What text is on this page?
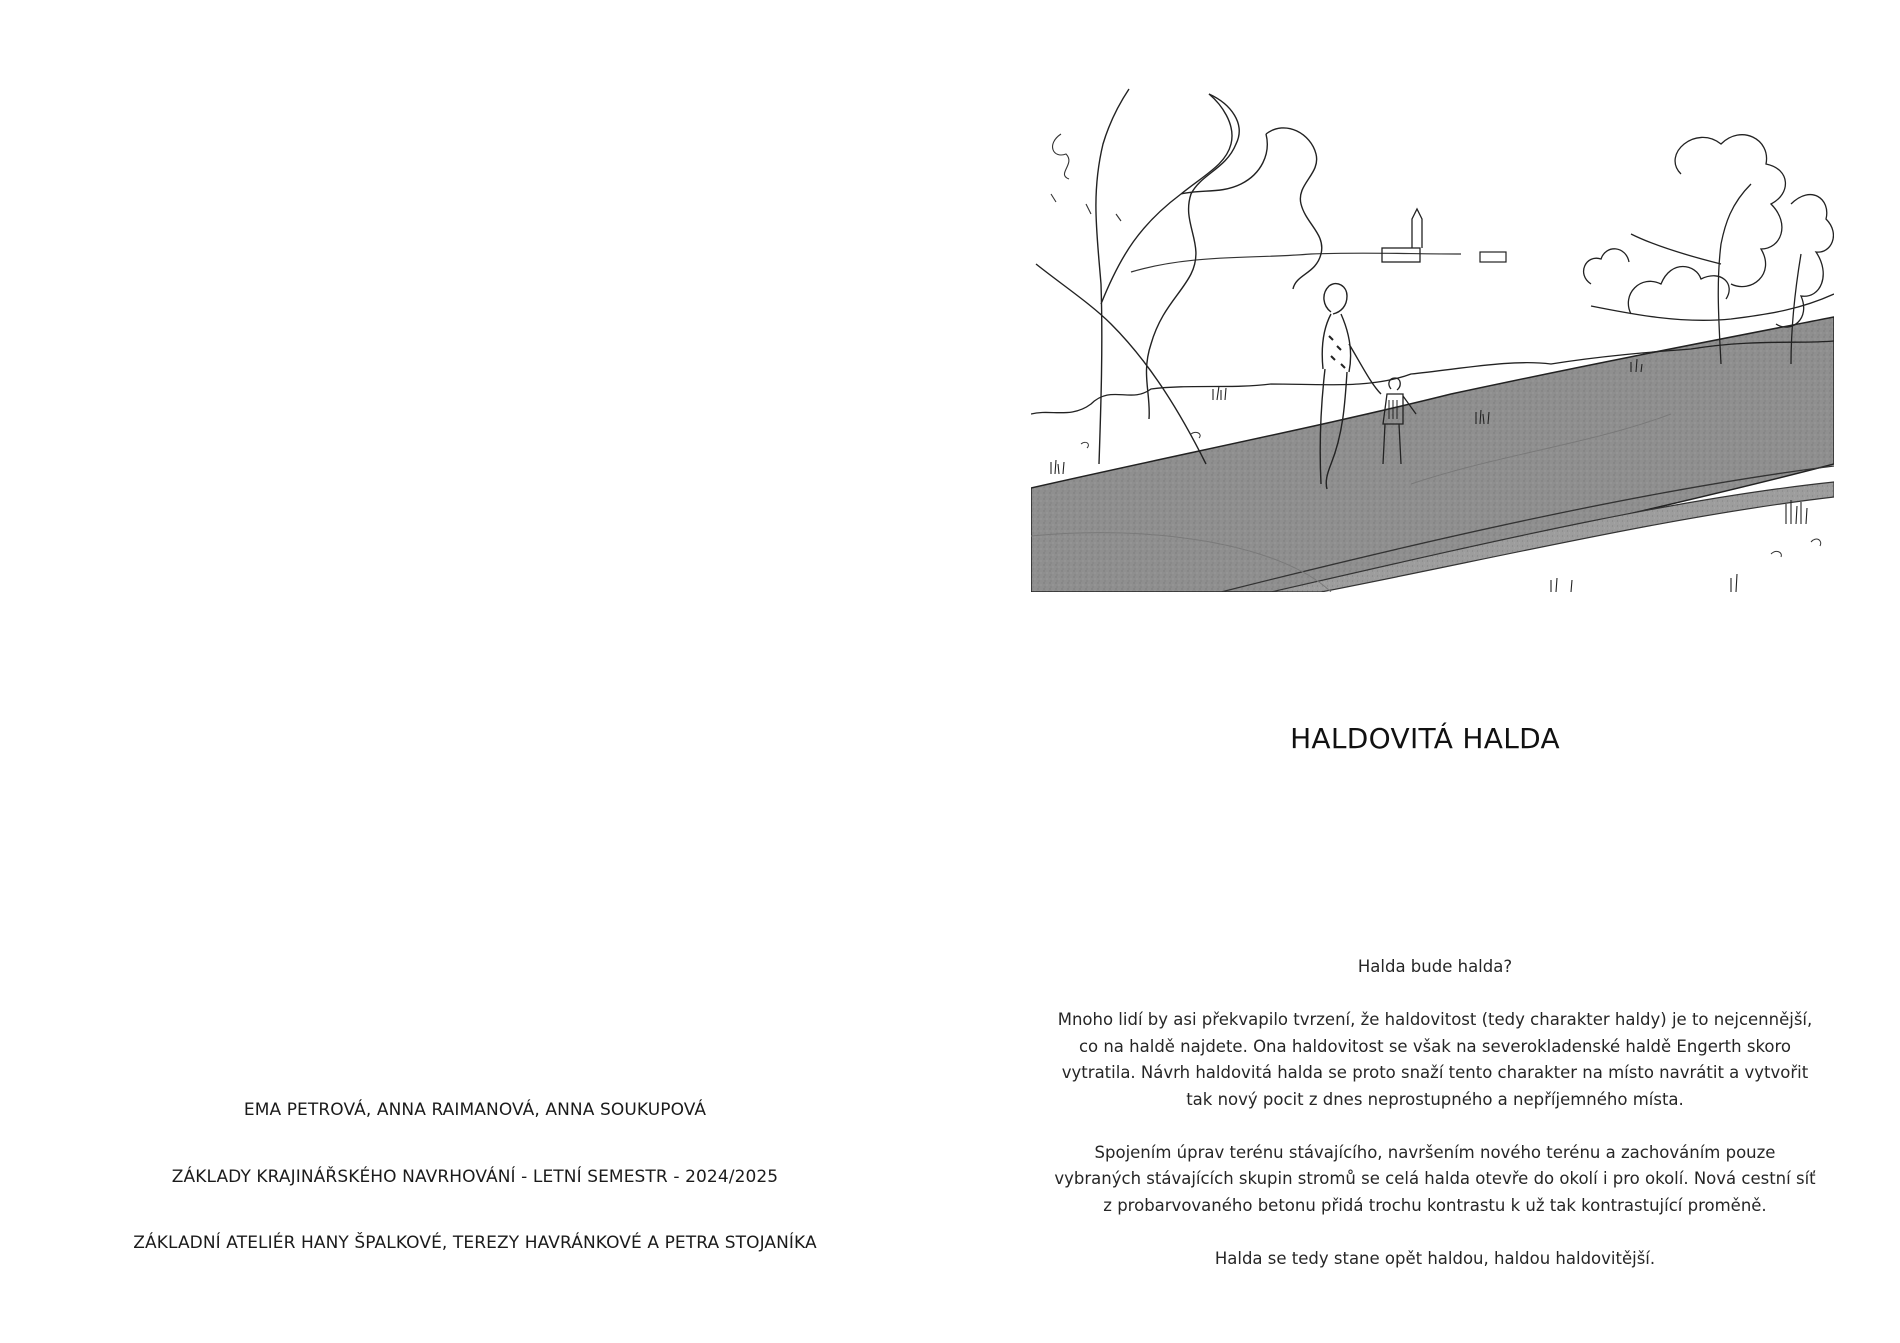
EMA PETROVÁ, ANNA RAIMANOVÁ, ANNA SOUKUPOVÁ
ZÁKLADY KRAJINÁŘSKÉHO NAVRHOVÁNÍ - LETNÍ SEMESTR - 2024/2025
ZÁKLADNÍ ATELIÉR HANY ŠPALKOVÉ, TEREZY HAVRÁNKOVÉ A PETRA STOJANÍKA
HALDOVITÁ HALDA

Halda bude halda?

Mnoho lidí by asi překvapilo tvrzení, že haldovitost (tedy charakter haldy) je to nejcennější, co na haldě najdete. Ona haldovitost se však na severokladenské haldě Engerth skoro vytratila. Návrh haldovitá halda se proto snaží tento charakter na místo navrátit a vytvořit tak nový pocit z dnes neprostupného a nepříjemného místa.

Spojením úprav terénu stávajícího, navršením nového terénu a zachováním pouze vybraných stávajících skupin stromů se celá halda otevře do okolí i pro okolí. Nová cestní síť z probarvovaného betonu přidá trochu kontrastu k už tak kontrastující proměně.

Halda se tedy stane opět haldou, haldou haldovitější.
